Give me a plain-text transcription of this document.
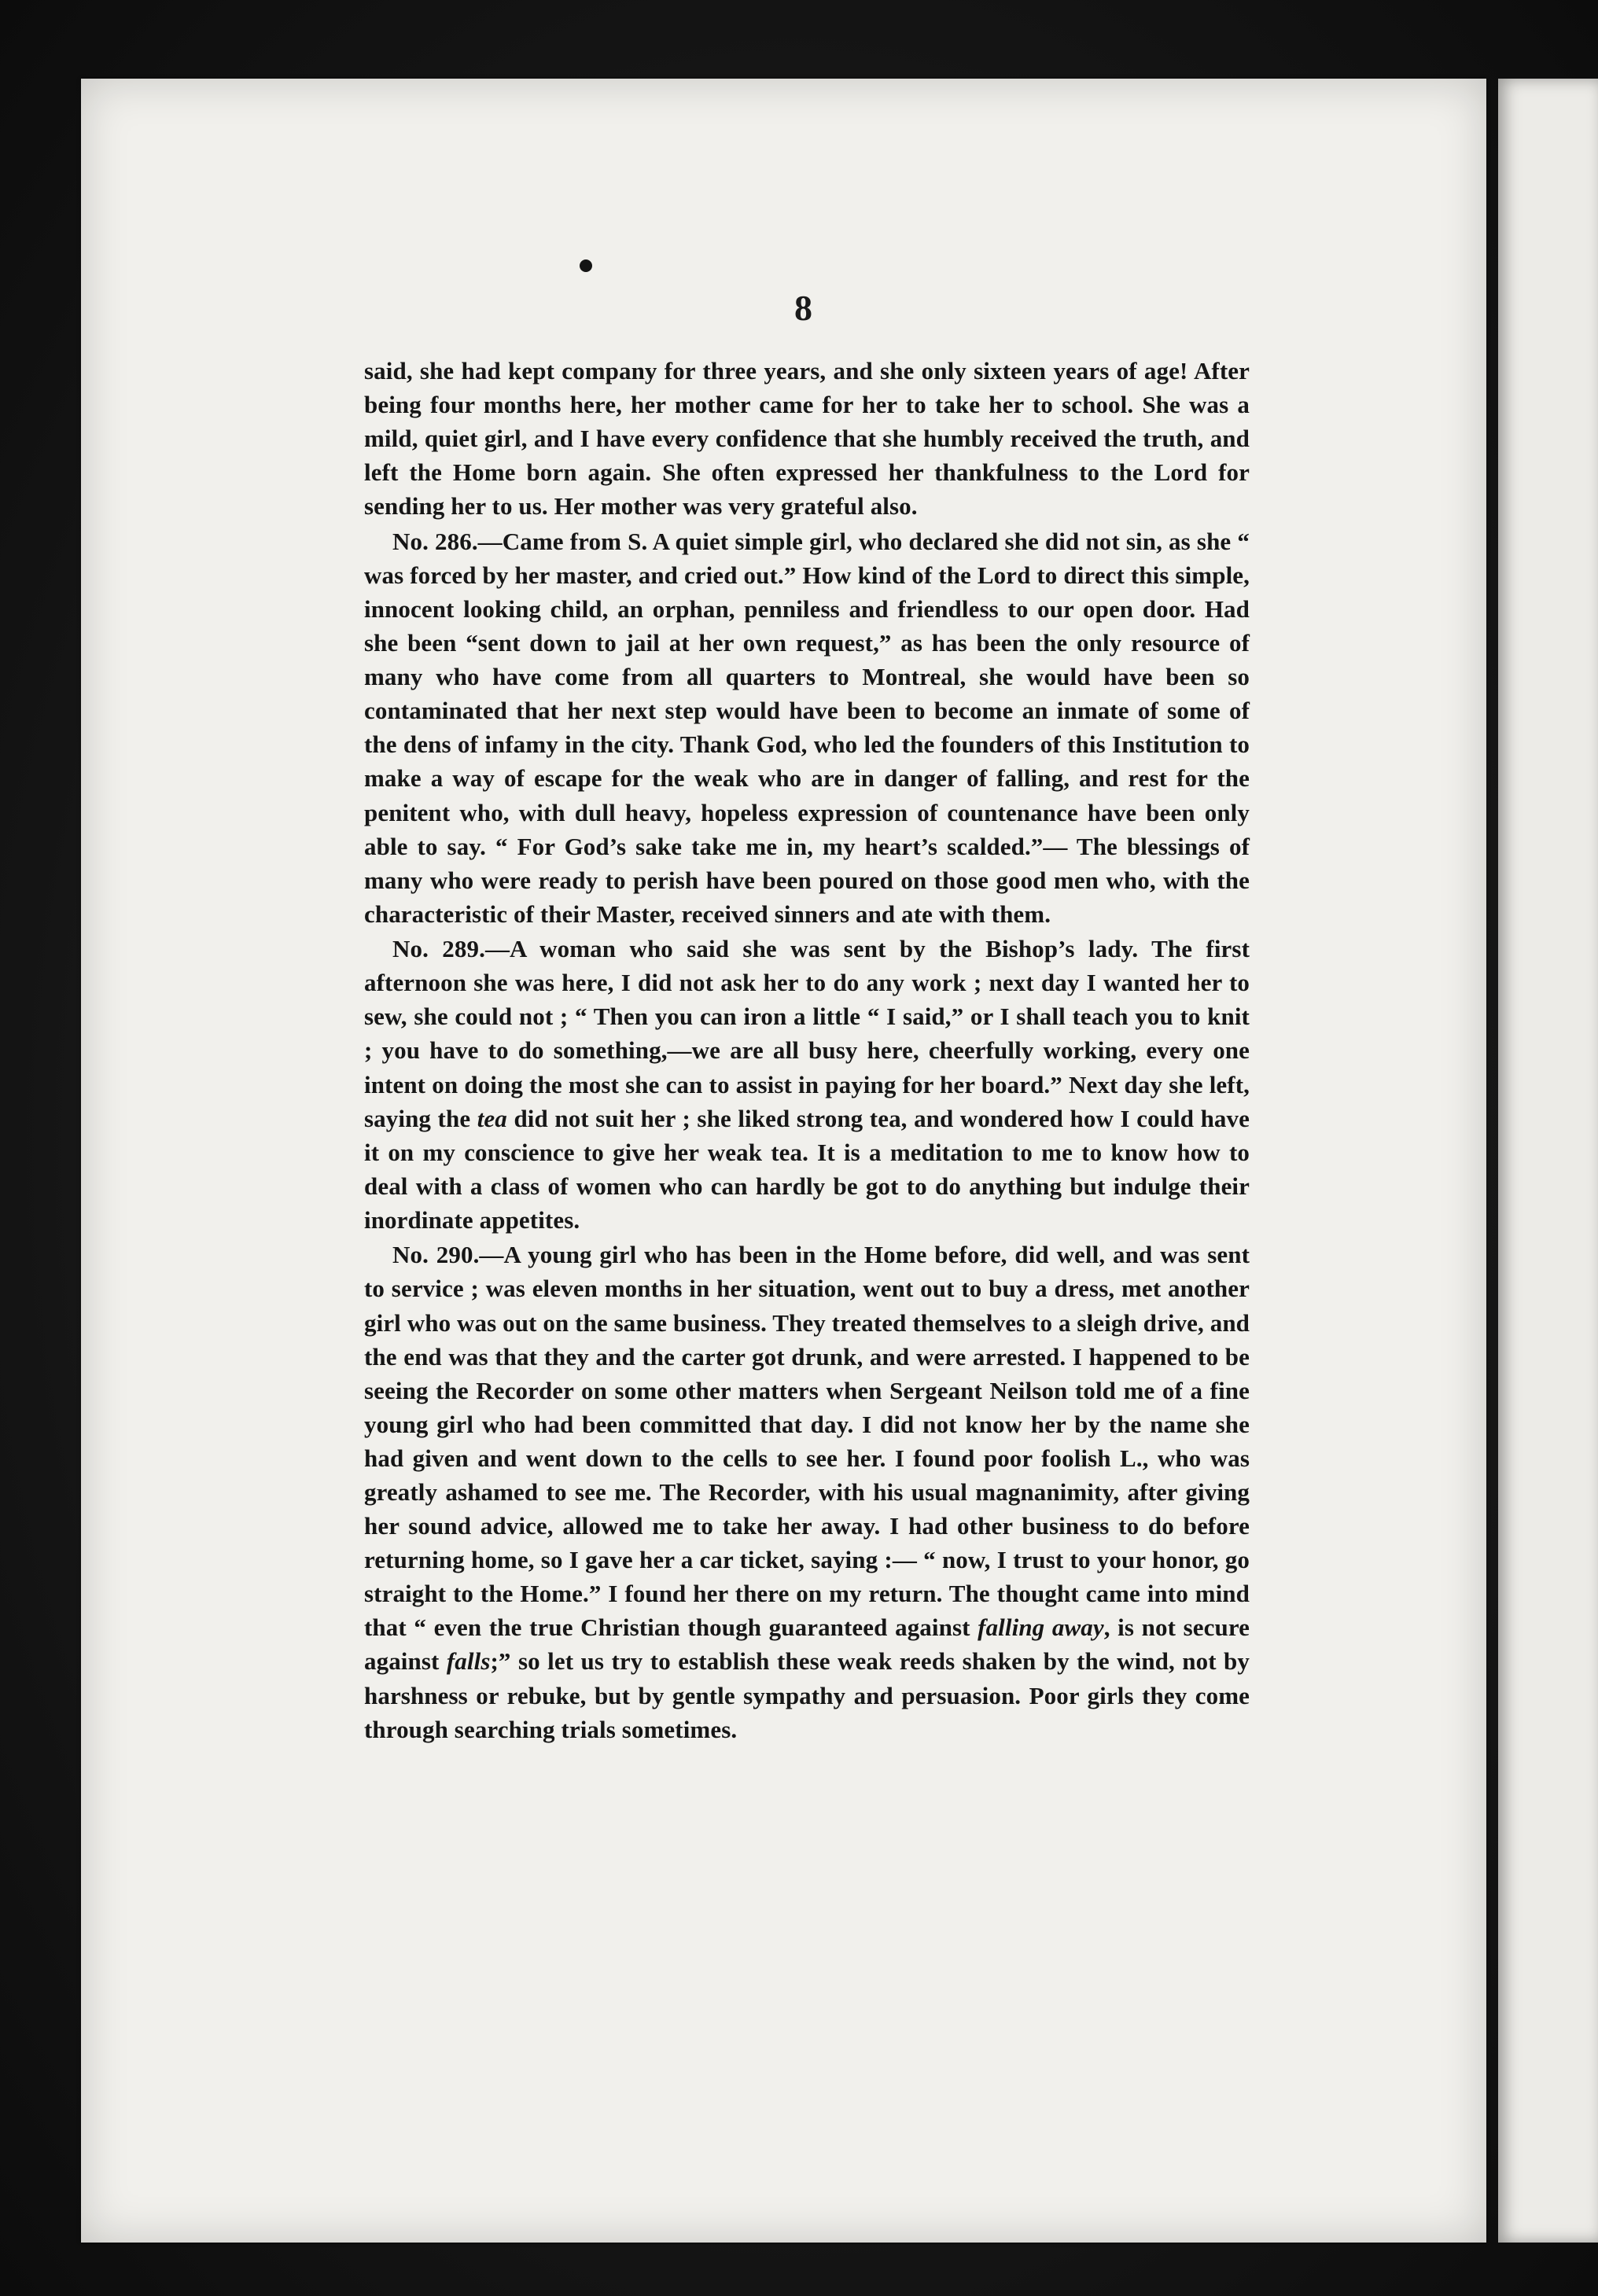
8

said, she had kept company for three years, and she only sixteen years of age! After being four months here, her mother came for her to take her to school. She was a mild, quiet girl, and I have every confidence that she humbly received the truth, and left the Home born again. She often expressed her thankfulness to the Lord for sending her to us. Her mother was very grateful also.

No. 286.—Came from S. A quiet simple girl, who declared she did not sin, as she “ was forced by her master, and cried out.” How kind of the Lord to direct this simple, innocent looking child, an orphan, penniless and friendless to our open door. Had she been “sent down to jail at her own request,” as has been the only resource of many who have come from all quarters to Montreal, she would have been so contaminated that her next step would have been to become an inmate of some of the dens of infamy in the city. Thank God, who led the founders of this Institution to make a way of escape for the weak who are in danger of falling, and rest for the penitent who, with dull heavy, hopeless expression of countenance have been only able to say. “ For God’s sake take me in, my heart’s scalded.”— The blessings of many who were ready to perish have been poured on those good men who, with the characteristic of their Master, received sinners and ate with them.

No. 289.—A woman who said she was sent by the Bishop’s lady. The first afternoon she was here, I did not ask her to do any work ; next day I wanted her to sew, she could not ; “ Then you can iron a little “ I said,” or I shall teach you to knit ; you have to do something,—we are all busy here, cheerfully working, every one intent on doing the most she can to assist in paying for her board.” Next day she left, saying the tea did not suit her ; she liked strong tea, and wondered how I could have it on my conscience to give her weak tea. It is a meditation to me to know how to deal with a class of women who can hardly be got to do anything but indulge their inordinate appetites.

No. 290.—A young girl who has been in the Home before, did well, and was sent to service ; was eleven months in her situation, went out to buy a dress, met another girl who was out on the same business. They treated themselves to a sleigh drive, and the end was that they and the carter got drunk, and were arrested. I happened to be seeing the Recorder on some other matters when Sergeant Neilson told me of a fine young girl who had been committed that day. I did not know her by the name she had given and went down to the cells to see her. I found poor foolish L., who was greatly ashamed to see me. The Recorder, with his usual magnanimity, after giving her sound advice, allowed me to take her away. I had other business to do before returning home, so I gave her a car ticket, saying :— “ now, I trust to your honor, go straight to the Home.” I found her there on my return. The thought came into mind that “ even the true Christian though guaranteed against falling away, is not secure against falls;” so let us try to establish these weak reeds shaken by the wind, not by harshness or rebuke, but by gentle sympathy and persuasion. Poor girls they come through searching trials sometimes.
